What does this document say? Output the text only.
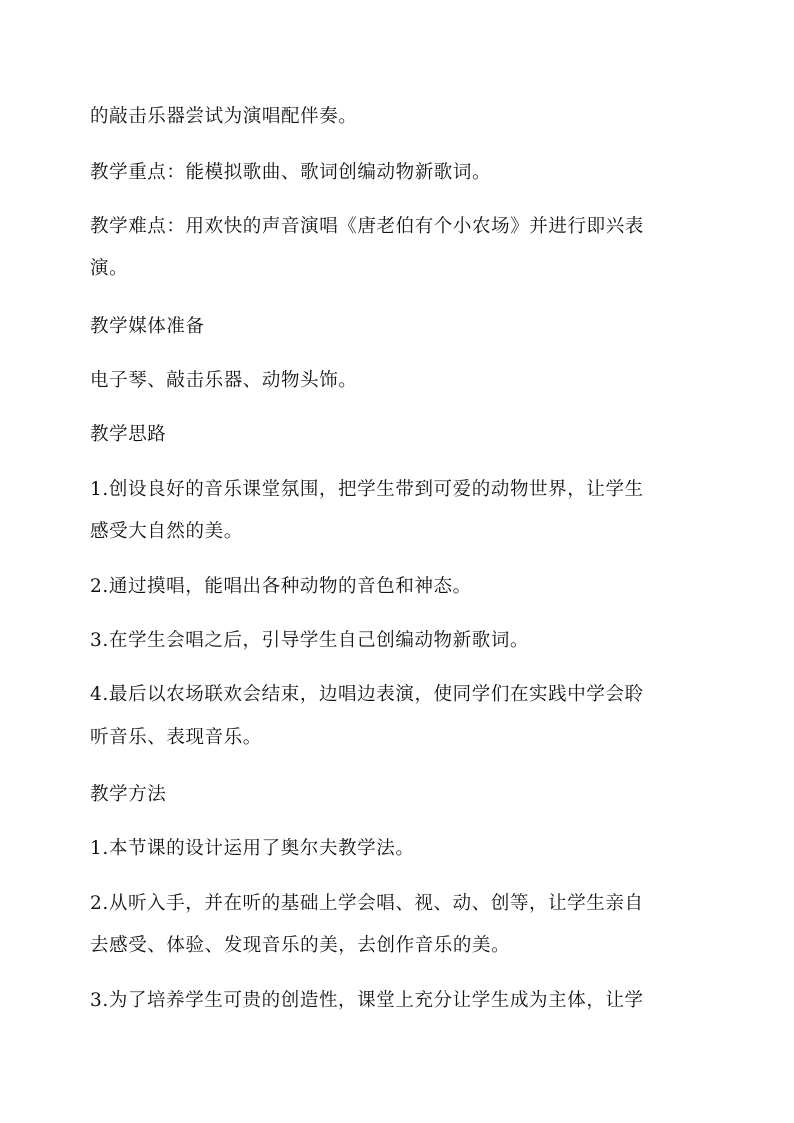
的敲击乐器尝试为演唱配伴奏。
教学重点：能模拟歌曲、歌词创编动物新歌词。
教学难点：用欢快的声音演唱《唐老伯有个小农场》并进行即兴表
演。
教学媒体准备
电子琴、敲击乐器、动物头饰。
教学思路
1.创设良好的音乐课堂氛围，把学生带到可爱的动物世界，让学生
感受大自然的美。
2.通过摸唱，能唱出各种动物的音色和神态。
3.在学生会唱之后，引导学生自己创编动物新歌词。
4.最后以农场联欢会结束，边唱边表演，使同学们在实践中学会聆
听音乐、表现音乐。
教学方法
1.本节课的设计运用了奥尔夫教学法。
2.从听入手，并在听的基础上学会唱、视、动、创等，让学生亲自
去感受、体验、发现音乐的美，去创作音乐的美。
3.为了培养学生可贵的创造性，课堂上充分让学生成为主体，让学
